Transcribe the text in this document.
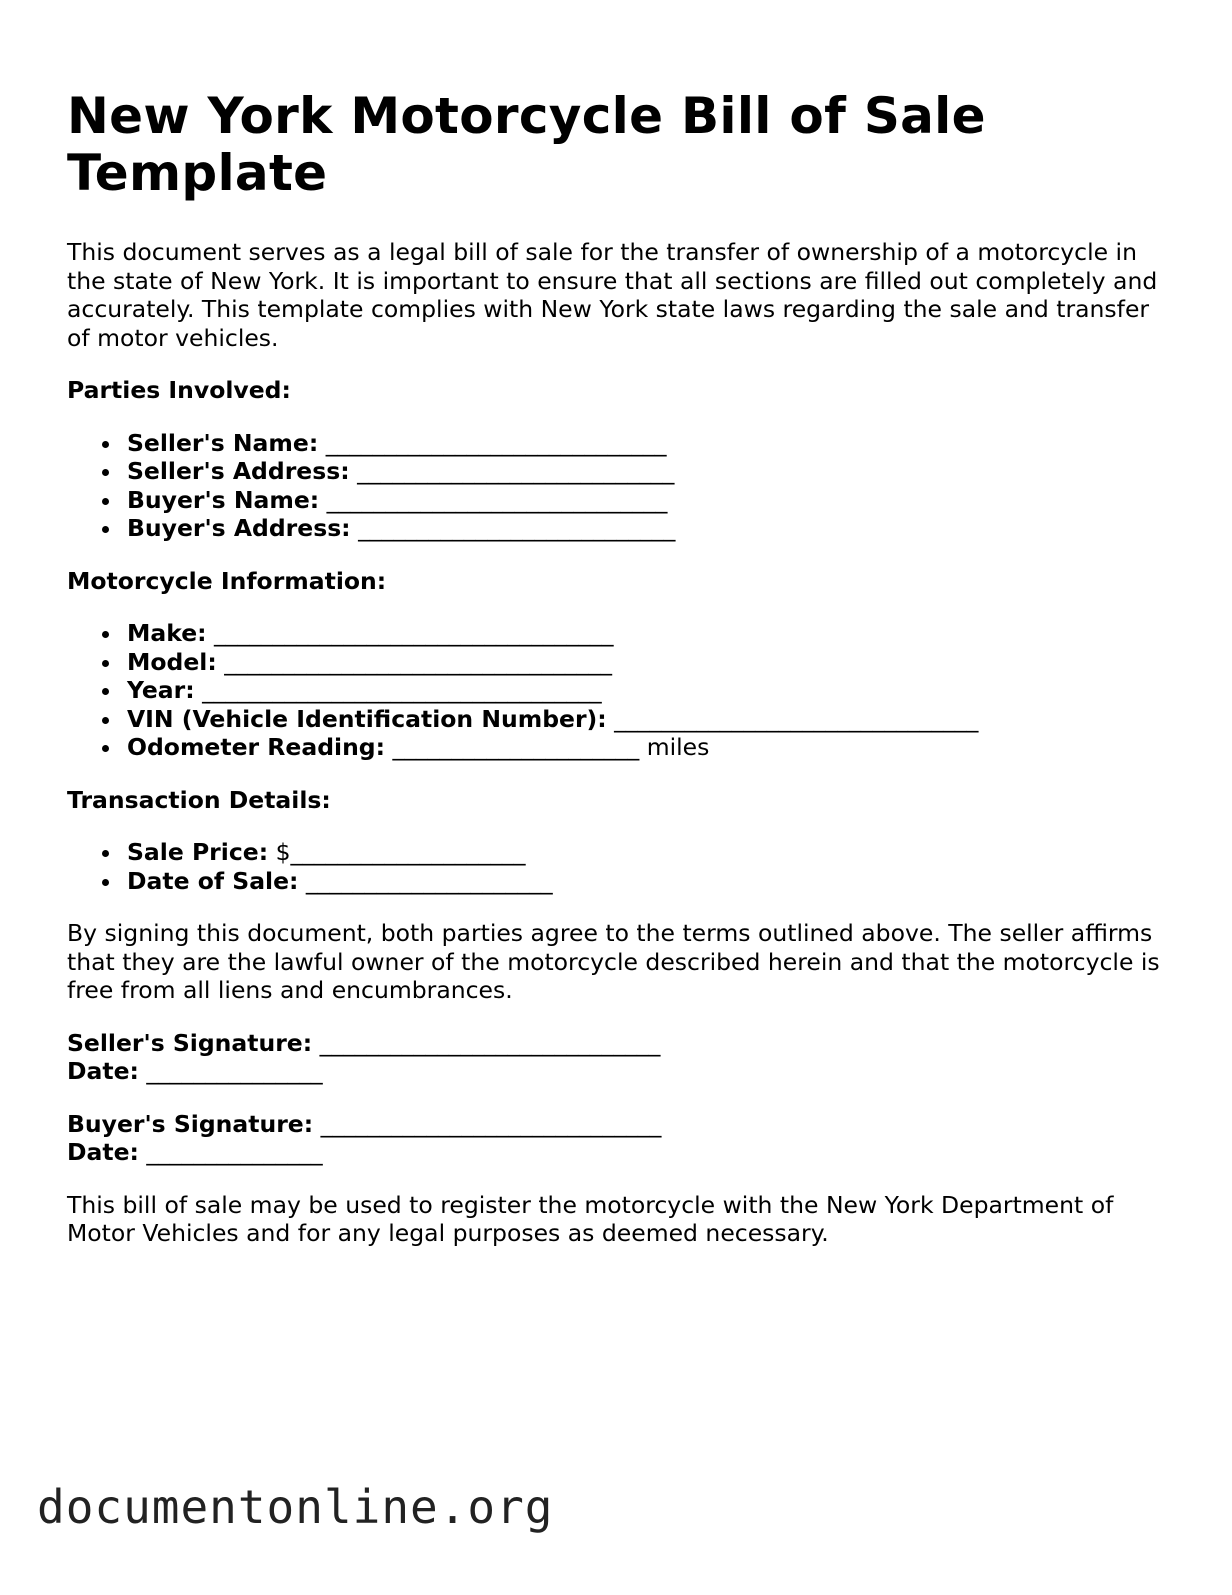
New York Motorcycle Bill of Sale Template

This document serves as a legal bill of sale for the transfer of ownership of a motorcycle in the state of New York. It is important to ensure that all sections are filled out completely and accurately. This template complies with New York state laws regarding the sale and transfer of motor vehicles.

Parties Involved:

Seller's Name: _____________________________
Seller's Address: ___________________________
Buyer's Name: _____________________________
Buyer's Address: ___________________________

Motorcycle Information:

Make: __________________________________
Model: _________________________________
Year: __________________________________
VIN (Vehicle Identification Number): _______________________________
Odometer Reading: _____________________ miles

Transaction Details:

Sale Price: $____________________
Date of Sale: _____________________

By signing this document, both parties agree to the terms outlined above. The seller affirms that they are the lawful owner of the motorcycle described herein and that the motorcycle is free from all liens and encumbrances.

Seller's Signature: _____________________________
Date: _______________

Buyer's Signature: _____________________________
Date: _______________

This bill of sale may be used to register the motorcycle with the New York Department of Motor Vehicles and for any legal purposes as deemed necessary.

documentonline.org
